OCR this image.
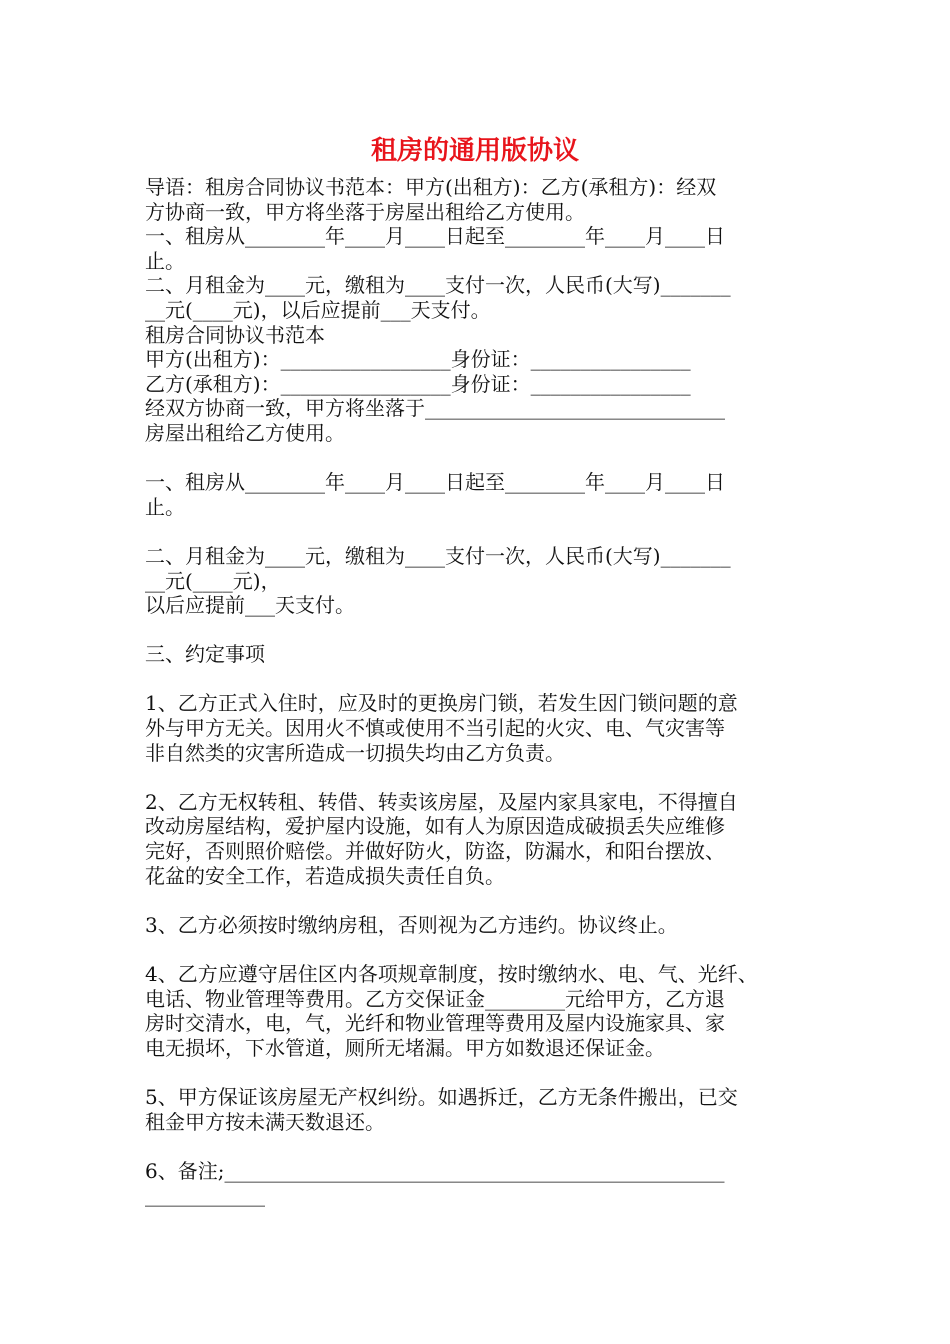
租房的通用版协议
导语：租房合同协议书范本：甲方(出租方)：乙方(承租方)：经双
方协商一致，甲方将坐落于房屋出租给乙方使用。
一、租房从________年____月____日起至________年____月____日
止。
二、月租金为____元，缴租为____支付一次，人民币(大写)_______
__元(____元)，以后应提前___天支付。
租房合同协议书范本
甲方(出租方)：_________________身份证：________________
乙方(承租方)：_________________身份证：________________
经双方协商一致，甲方将坐落于______________________________
房屋出租给乙方使用。
一、租房从________年____月____日起至________年____月____日
止。
二、月租金为____元，缴租为____支付一次，人民币(大写)_______
__元(____元)，
以后应提前___天支付。
三、约定事项
1、乙方正式入住时，应及时的更换房门锁，若发生因门锁问题的意
外与甲方无关。因用火不慎或使用不当引起的火灾、电、气灾害等
非自然类的灾害所造成一切损失均由乙方负责。
2、乙方无权转租、转借、转卖该房屋，及屋内家具家电，不得擅自
改动房屋结构，爱护屋内设施，如有人为原因造成破损丢失应维修
完好，否则照价赔偿。并做好防火，防盗，防漏水，和阳台摆放、
花盆的安全工作，若造成损失责任自负。
3、乙方必须按时缴纳房租，否则视为乙方违约。协议终止。
4、乙方应遵守居住区内各项规章制度，按时缴纳水、电、气、光纤、
电话、物业管理等费用。乙方交保证金________元给甲方，乙方退
房时交清水，电，气，光纤和物业管理等费用及屋内设施家具、家
电无损坏，下水管道，厕所无堵漏。甲方如数退还保证金。
5、甲方保证该房屋无产权纠纷。如遇拆迁，乙方无条件搬出，已交
租金甲方按未满天数退还。
6、备注;__________________________________________________
____________
